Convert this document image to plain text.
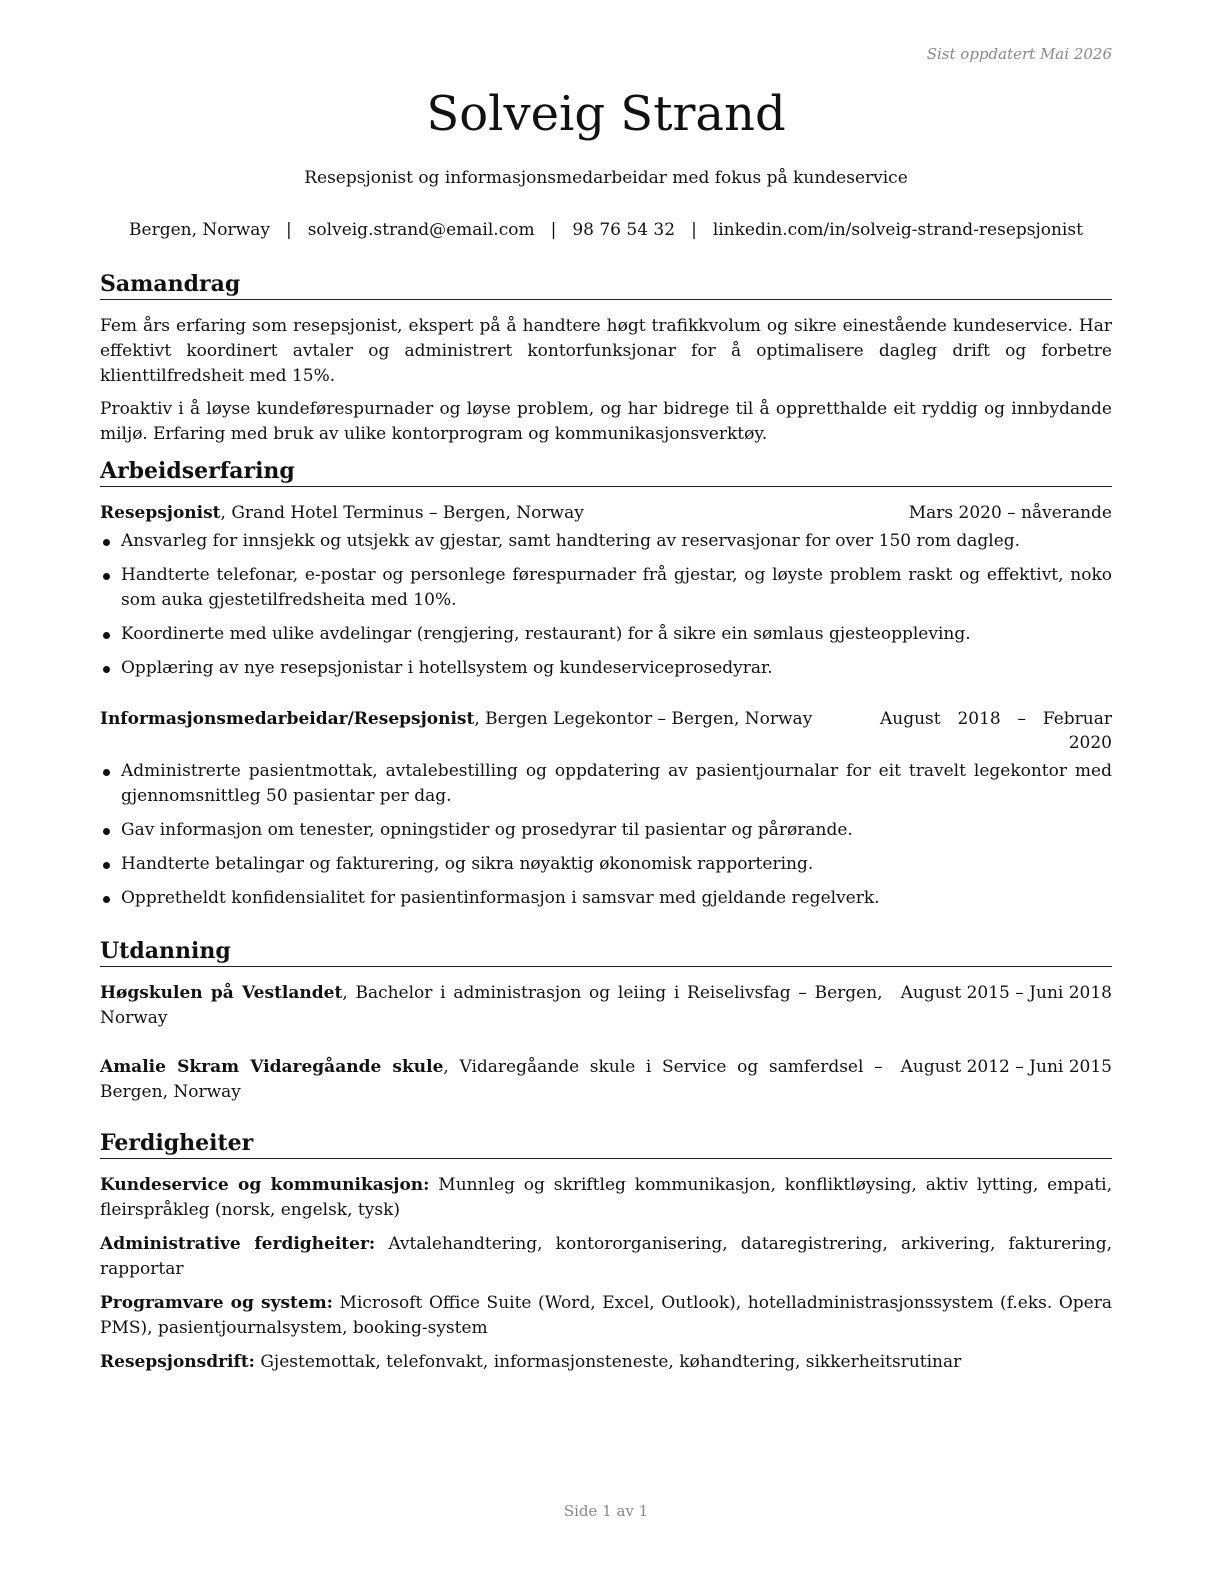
Sist oppdatert Mai 2026
Solveig Strand
Resepsjonist og informasjonsmedarbeidar med fokus på kundeservice
Bergen, Norway | solveig.strand@email.com | 98 76 54 32 | linkedin.com/in/solveig-strand-resepsjonist
Samandrag

Fem års erfaring som resepsjonist, ekspert på å handtere høgt trafikkvolum og sikre einestående kundeservice. Har effektivt koordinert avtaler og administrert kontorfunksjonar for å optimalisere dagleg drift og forbetre klienttilfredsheit med 15%.

Proaktiv i å løyse kundeførespurnader og løyse problem, og har bidrege til å oppretthalde eit ryddig og innbydande miljø. Erfaring med bruk av ulike kontorprogram og kommunikasjonsverktøy.

Arbeidserfaring
Resepsjonist, Grand Hotel Terminus – Bergen, Norway	Mars 2020 – nåverande
Ansvarleg for innsjekk og utsjekk av gjestar, samt handtering av reservasjonar for over 150 rom dagleg.
Handterte telefonar, e-postar og personlege førespurnader frå gjestar, og løyste problem raskt og effektivt, noko som auka gjestetilfredsheita med 10%.
Koordinerte med ulike avdelingar (rengjering, restaurant) for å sikre ein sømlaus gjesteoppleving.
Opplæring av nye resepsjonistar i hotellsystem og kundeserviceprosedyrar.
Informasjonsmedarbeidar/Resepsjonist, Bergen Legekontor – Bergen, Norway	August 2018 – Februar 2020
Administrerte pasientmottak, avtalebestilling og oppdatering av pasientjournalar for eit travelt legekontor med gjennomsnittleg 50 pasientar per dag.
Gav informasjon om tenester, opningstider og prosedyrar til pasientar og pårørande.
Handterte betalingar og fakturering, og sikra nøyaktig økonomisk rapportering.
Oppretheldt konfidensialitet for pasientinformasjon i samsvar med gjeldande regelverk.
Utdanning
Høgskulen på Vestlandet, Bachelor i administrasjon og leiing i Reiselivsfag – Bergen, Norway
August 2015 – Juni 2018
Amalie Skram Vidaregåande skule, Vidaregåande skule i Service og samferdsel – Bergen, Norway
August 2012 – Juni 2015
Ferdigheiter

Kundeservice og kommunikasjon: Munnleg og skriftleg kommunikasjon, konfliktløysing, aktiv lytting, empati, fleirspråkleg (norsk, engelsk, tysk)

Administrative ferdigheiter: Avtalehandtering, kontororganisering, dataregistrering, arkivering, fakturering, rapportar

Programvare og system: Microsoft Office Suite (Word, Excel, Outlook), hotelladministrasjonssystem (f.eks. Opera PMS), pasientjournalsystem, booking-system

Resepsjonsdrift: Gjestemottak, telefonvakt, informasjonsteneste, køhandtering, sikkerheitsrutinar

Side 1 av 1
